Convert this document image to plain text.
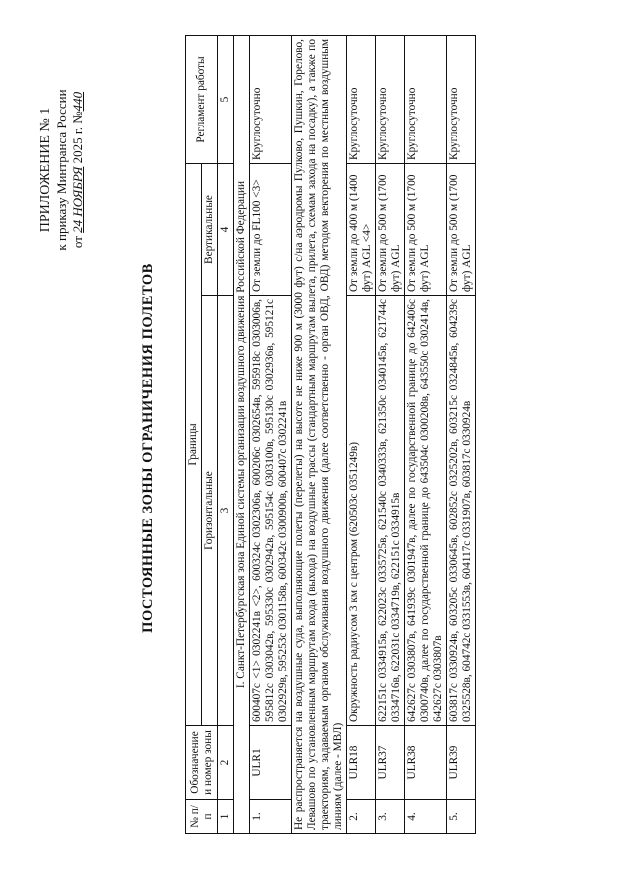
ПРИЛОЖЕНИЕ № 1 к приказу Минтранса России от 24 НОЯБРЯ 2025 г. №440
ПОСТОЯННЫЕ ЗОНЫ ОГРАНИЧЕНИЯ ПОЛЕТОВ
№ п/п	Обозначение и номер зоны	Границы		Регламент работы
		Горизонтальные	Вертикальные	
1	2	3	4	5
I. Санкт-Петербургская зона Единой системы организации воздушного движения Российской Федерации				
1.	ULR1	600407с <1> 0302241в <2>, 600324с 0302306в, 600206с 0302654в, 595918с 0303006в, 595812с 0303042в, 595330с 0302942в, 595154с 0303100в, 595130с 0302936в, 595121с 0302929в, 595253с 0301158в, 600342с 0300900в, 600407с 0302241в	От земли до FL100 <3>	Круглосуточно
Не распространяется на воздушные суда, выполняющие полеты (перелеты) на высоте не ниже 900 м (3000 фут) с/на аэродромы Пулково, Пушкин, Горелово, Левашово по установленным маршрутам входа (выхода) на воздушные трассы (стандартным маршрутам вылета, прилета, схемам захода на посадку), а также по траекториям, задаваемым органом обслуживания воздушного движения (далее соответственно - орган ОВД, ОВД) методом векторения по местным воздушным линиям (далее - МВЛ)				
2.	ULR18	Окружность радиусом 3 км с центром (620503с 0351249в)	От земли до 400 м (1400 фут) AGL <4>	Круглосуточно
3.	ULR37	622151с 0334915в, 622023с 0335725в, 621540с 0340333в, 621350с 0340145в, 621744с 0334716в, 622031с 0334719в, 622151с 0334915в	От земли до 500 м (1700 фут) AGL	Круглосуточно
4.	ULR38	642627с 0303807в, 641939с 0301947в, далее по государственной границе до 642406с 0300740в, далее по государственной границе до 643504с 0300208в, 643550с 0302414в, 642627с 0303807в	От земли до 500 м (1700 фут) AGL	Круглосуточно
5.	ULR39	603817с 0330924в, 603205с 0330645в, 602852с 0325202в, 603215с 0324845в, 604239с 0325528в, 604742с 0331553в, 604117с 0331907в, 603817с 0330924в	От земли до 500 м (1700 фут) AGL	Круглосуточно
